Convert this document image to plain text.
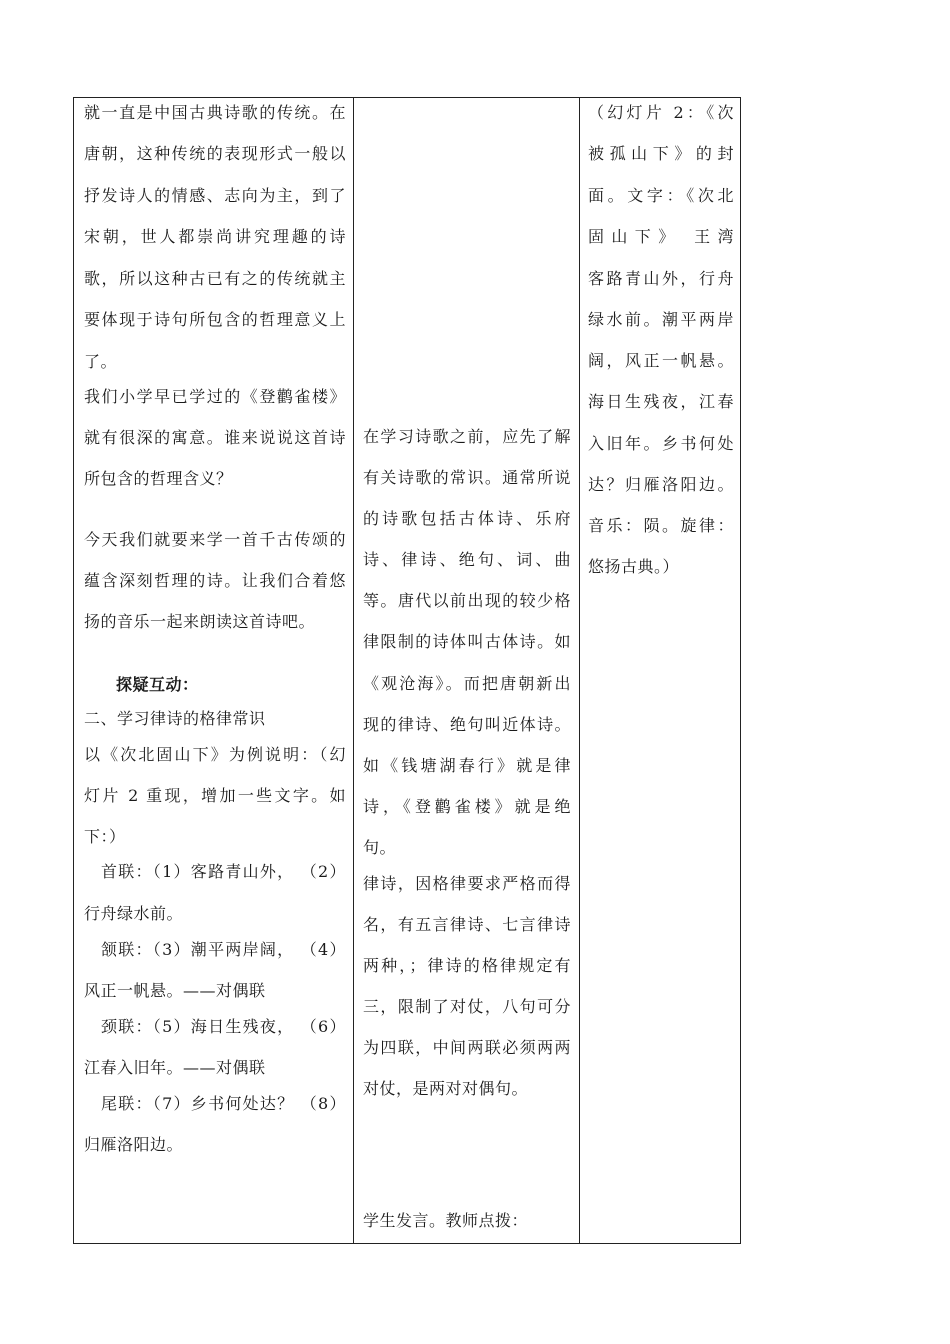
就一直是中国古典诗歌的传统。在
唐朝，这种传统的表现形式一般以
抒发诗人的情感、志向为主，到了
宋朝，世人都崇尚讲究理趣的诗
歌，所以这种古已有之的传统就主
要体现于诗句所包含的哲理意义上
了。
我们小学早已学过的《登鹳雀楼》
就有很深的寓意。谁来说说这首诗
所包含的哲理含义？
今天我们就要来学一首千古传颂的
蕴含深刻哲理的诗。让我们合着悠
扬的音乐一起来朗读这首诗吧。
探疑互动：
二、学习律诗的格律常识
以《次北固山下》为例说明：（幻
灯片 2 重现，增加一些文字。如
下：）
首联：（1）客路青山外， （2）
行舟绿水前。
颔联：（3）潮平两岸阔， （4）
风正一帆悬。——对偶联
颈联：（5）海日生残夜， （6）
江春入旧年。——对偶联
尾联：（7）乡书何处达？ （8）
归雁洛阳边。
在学习诗歌之前，应先了解
有关诗歌的常识。通常所说
的诗歌包括古体诗、乐府
诗、律诗、绝句、词、曲
等。唐代以前出现的较少格
律限制的诗体叫古体诗。如
《观沧海》。而把唐朝新出
现的律诗、绝句叫近体诗。
如《钱塘湖春行》就是律
诗，《登鹳雀楼》就是绝
句。
律诗，因格律要求严格而得
名，有五言律诗、七言律诗
两种，；律诗的格律规定有
三，限制了对仗，八句可分
为四联，中间两联必须两两
对仗，是两对对偶句。
学生发言。教师点拨：
（幻灯片 2：《次
被孤山下》的封
面。文字：《次北
固山下》 王湾
客路青山外，行舟
绿水前。潮平两岸
阔，风正一帆悬。
海日生残夜，江春
入旧年。乡书何处
达？归雁洛阳边。
音乐：陨。旋律：
悠扬古典。）
